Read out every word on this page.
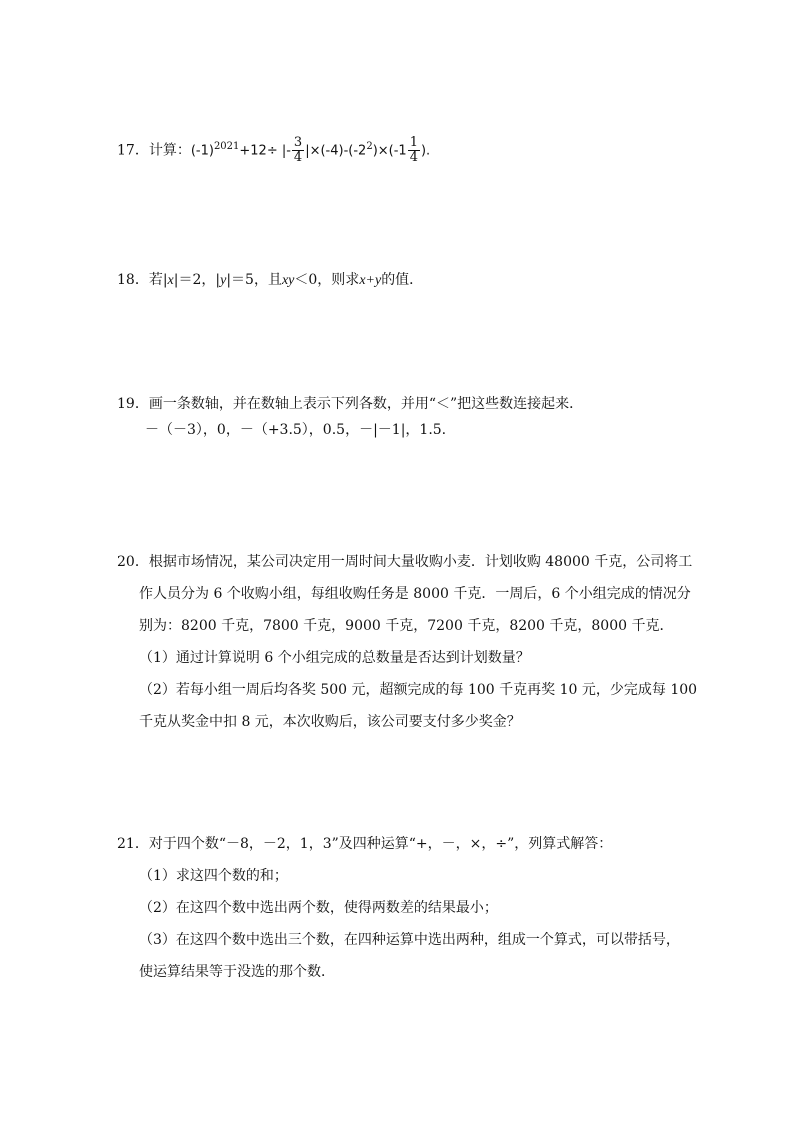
17．计算：$(-1)^{2021}+12\div$ |- $\frac{3}{4} |\times(-4)-(-2^2)\times(-1 \frac{1}{4}$ ).
18．若|x|＝2，|y|＝5，且xy＜0，则求x+y的值．
19．画一条数轴，并在数轴上表示下列各数，并用“＜”把这些数连接起来．
－（－3），0，－（+3.5），0.5，－|－1|，1.5.
20．根据市场情况，某公司决定用一周时间大量收购小麦．计划收购 48000 千克，公司将工
作人员分为 6 个收购小组，每组收购任务是 8000 千克．一周后，6 个小组完成的情况分
别为：8200 千克，7800 千克，9000 千克，7200 千克，8200 千克，8000 千克．
（1）通过计算说明 6 个小组完成的总数量是否达到计划数量？
（2）若每小组一周后均各奖 500 元，超额完成的每 100 千克再奖 10 元，少完成每 100
千克从奖金中扣 8 元，本次收购后，该公司要支付多少奖金？
21．对于四个数“－8，－2，1，3”及四种运算“+，－，×，÷”，列算式解答：
（1）求这四个数的和；
（2）在这四个数中选出两个数，使得两数差的结果最小；
（3）在这四个数中选出三个数，在四种运算中选出两种，组成一个算式，可以带括号，
使运算结果等于没选的那个数．
